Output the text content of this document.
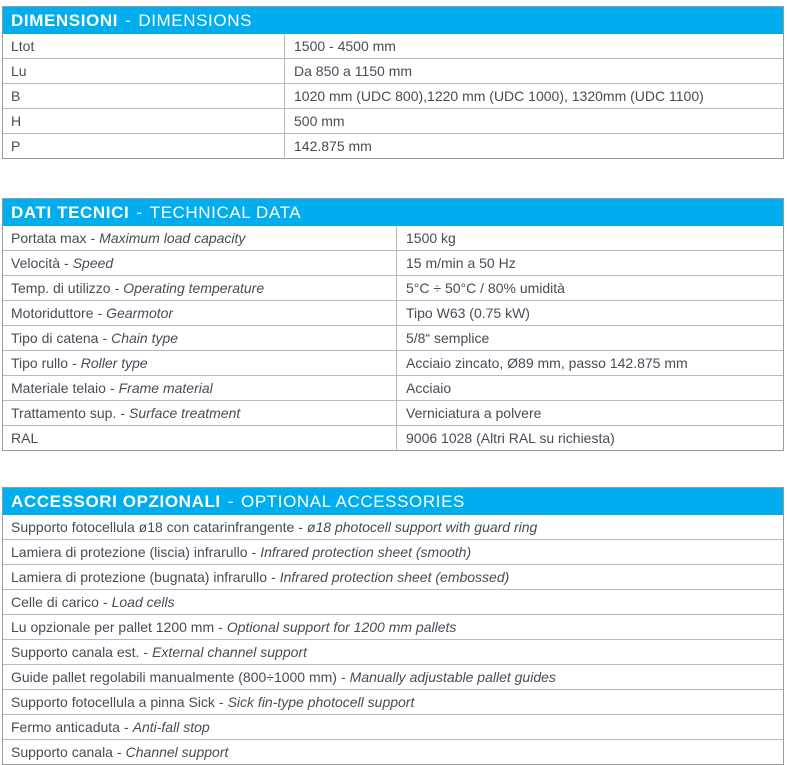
DIMENSIONI - DIMENSIONS
Ltot	1500 - 4500 mm
Lu	Da 850 a 1150 mm
B	1020 mm (UDC 800),1220 mm (UDC 1000), 1320mm (UDC 1100)
H	500 mm
P	142.875 mm
DATI TECNICI - TECHNICAL DATA
Portata max - Maximum load capacity	1500 kg
Velocità - Speed	15 m/min a 50 Hz
Temp. di utilizzo - Operating temperature	5°C ÷ 50°C / 80% umidità
Motoriduttore - Gearmotor	Tipo W63 (0.75 kW)
Tipo di catena - Chain type	5/8“ semplice
Tipo rullo - Roller type	Acciaio zincato, Ø89 mm, passo 142.875 mm
Materiale telaio - Frame material	Acciaio
Trattamento sup. - Surface treatment	Verniciatura a polvere
RAL	9006 1028 (Altri RAL su richiesta)
ACCESSORI OPZIONALI - OPTIONAL ACCESSORIES
Supporto fotocellula ø18 con catarinfrangente - ø18 photocell support with guard ring
Lamiera di protezione (liscia) infrarullo - Infrared protection sheet (smooth)
Lamiera di protezione (bugnata) infrarullo - Infrared protection sheet (embossed)
Celle di carico - Load cells
Lu opzionale per pallet 1200 mm - Optional support for 1200 mm pallets
Supporto canala est. - External channel support
Guide pallet regolabili manualmente (800÷1000 mm) - Manually adjustable pallet guides
Supporto fotocellula a pinna Sick - Sick fin-type photocell support
Fermo anticaduta - Anti-fall stop
Supporto canala - Channel support
